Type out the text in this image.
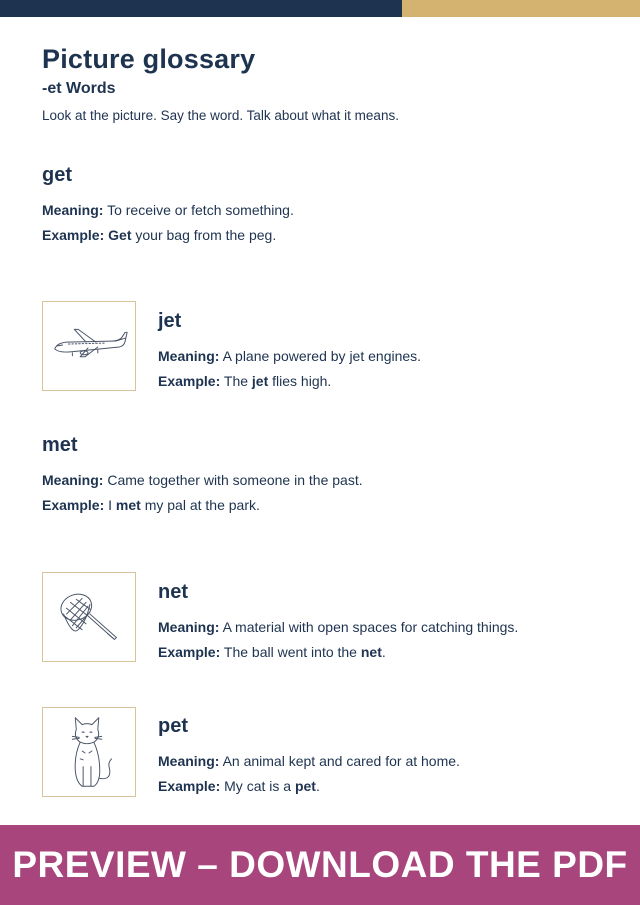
Picture glossary
-et Words

Look at the picture. Say the word. Talk about what it means.

get
Meaning: To receive or fetch something.
Example: Get your bag from the peg.
jet
Meaning: A plane powered by jet engines.
Example: The jet flies high.
met
Meaning: Came together with someone in the past.
Example: I met my pal at the park.
net
Meaning: A material with open spaces for catching things.
Example: The ball went into the net.
pet
Meaning: An animal kept and cared for at home.
Example: My cat is a pet.
PREVIEW – DOWNLOAD THE PDF
